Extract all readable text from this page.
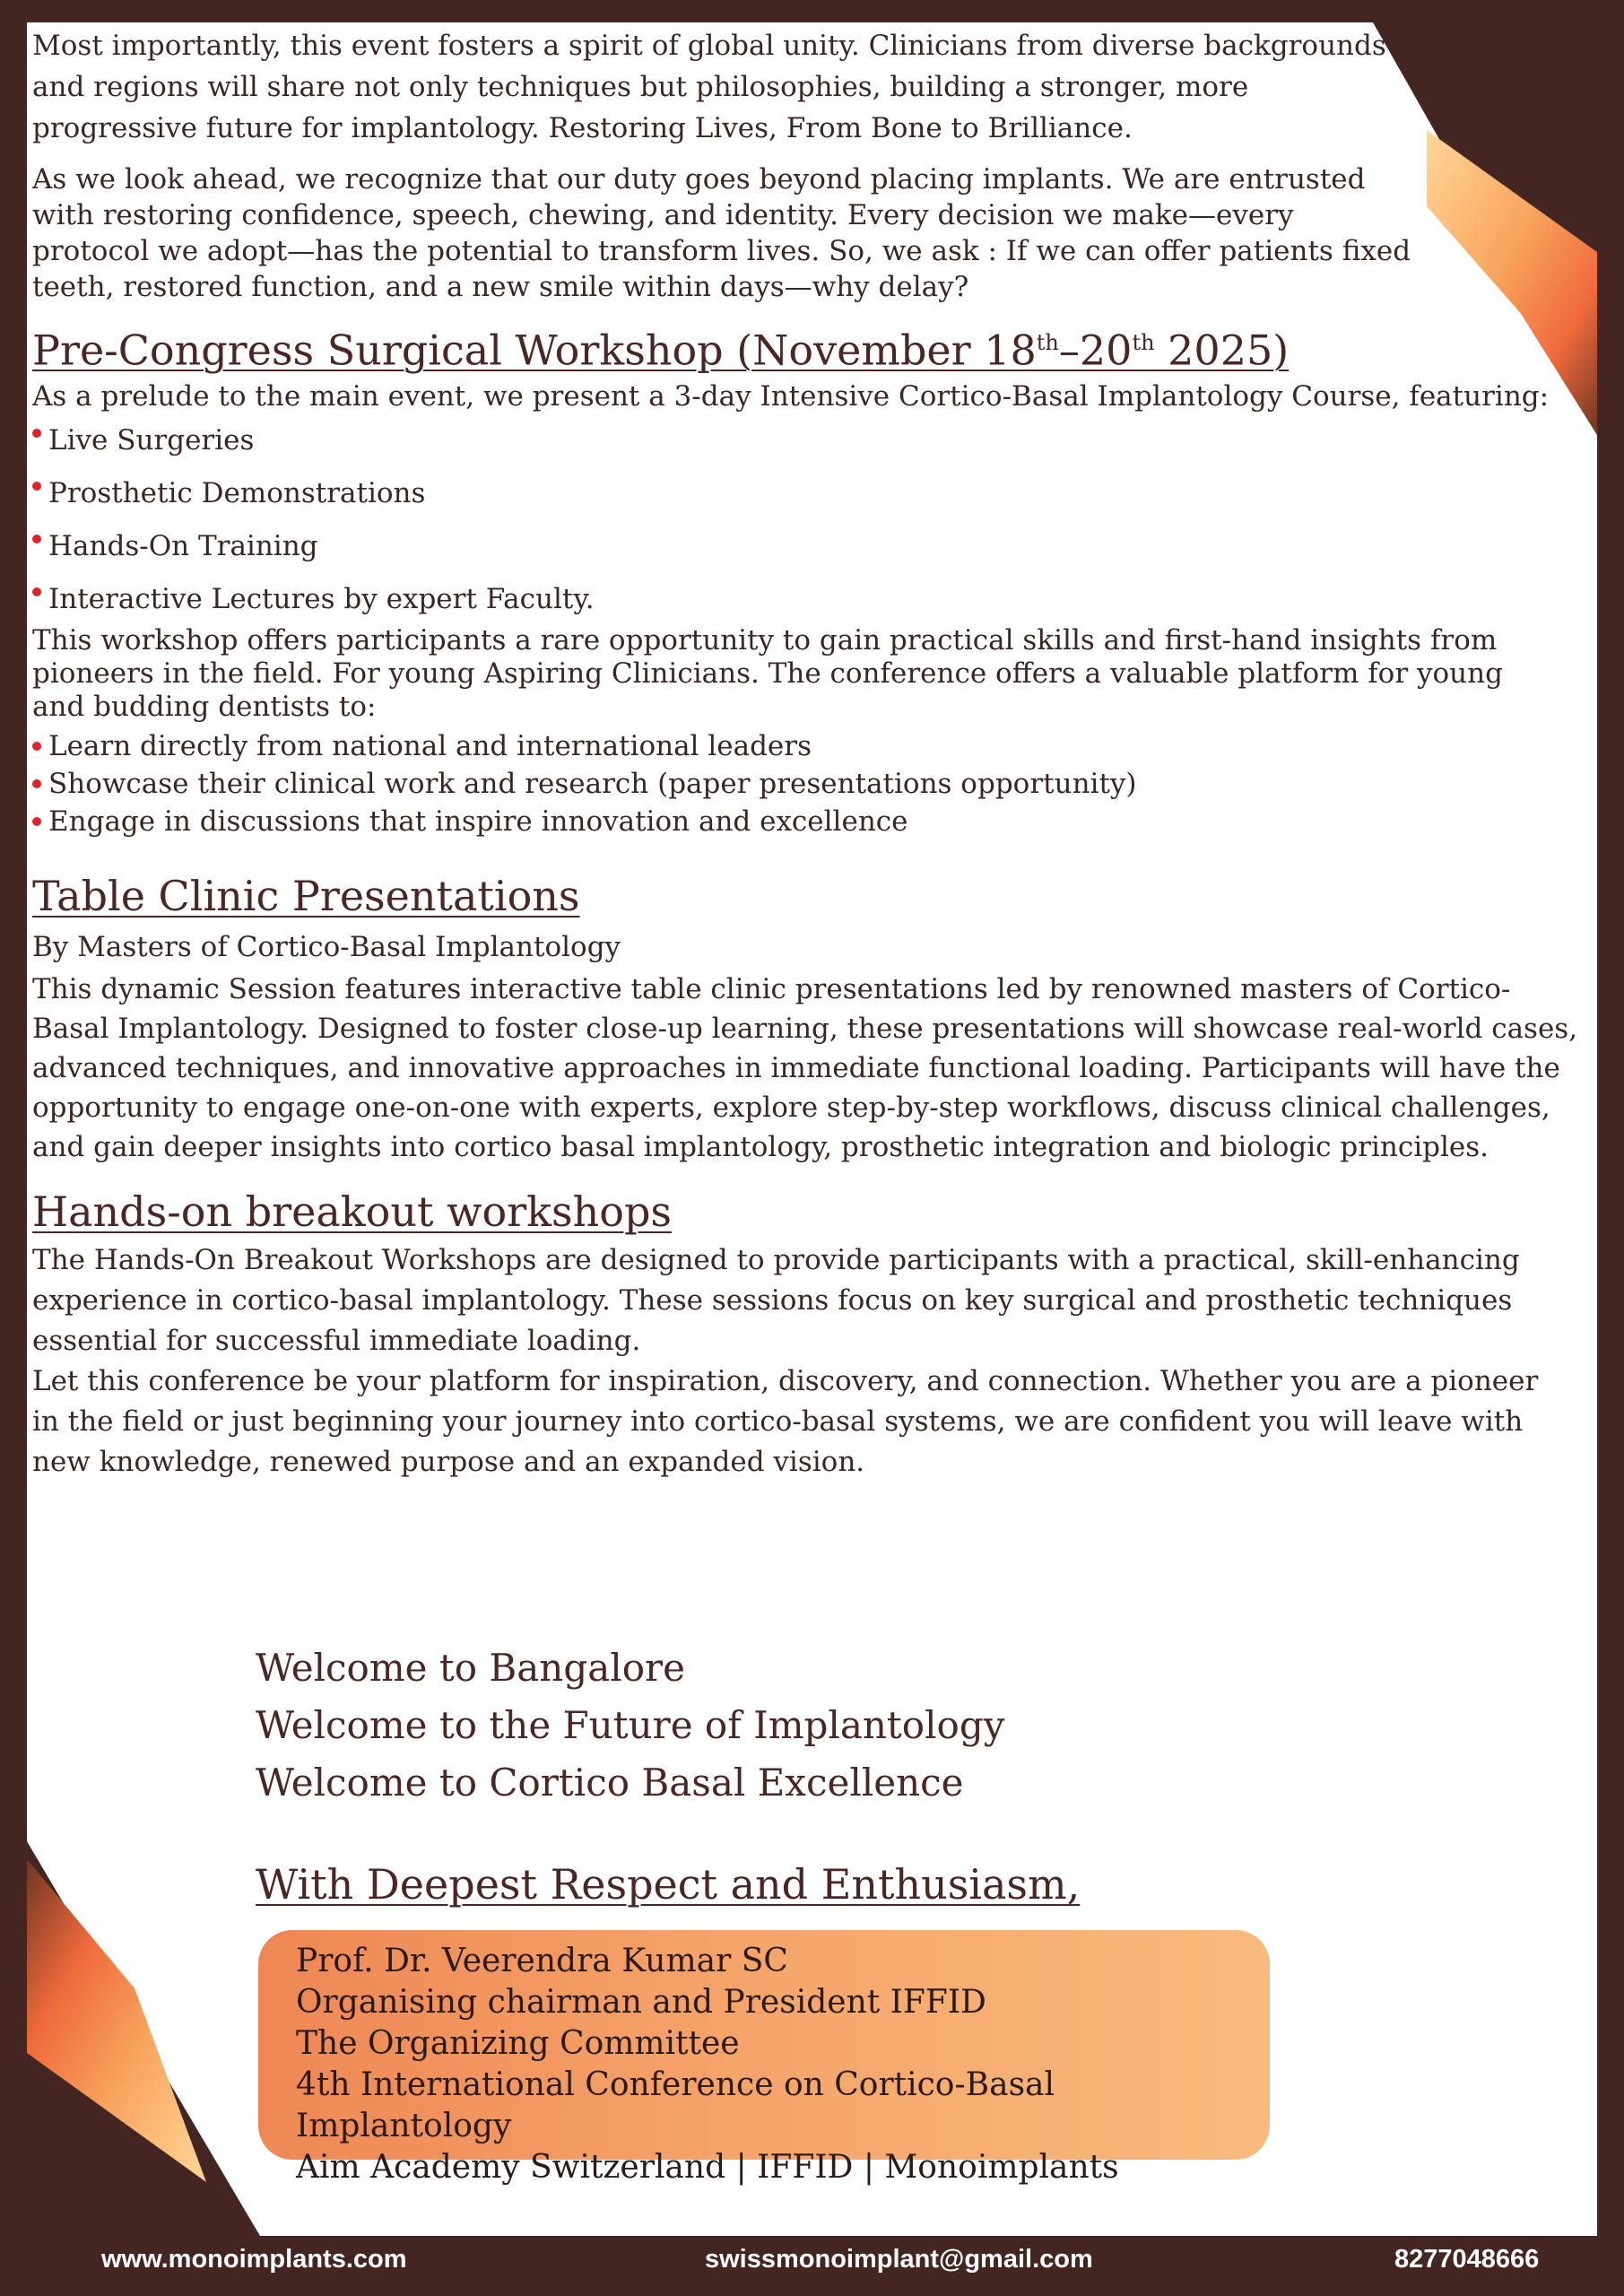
Most importantly, this event fosters a spirit of global unity. Clinicians from diverse backgrounds and regions will share not only techniques but philosophies, building a stronger, more progressive future for implantology. Restoring Lives, From Bone to Brilliance.

As we look ahead, we recognize that our duty goes beyond placing implants. We are entrusted with restoring confidence, speech, chewing, and identity. Every decision we make—every protocol we adopt—has the potential to transform lives. So, we ask : If we can offer patients fixed teeth, restored function, and a new smile within days—why delay?

Pre-Congress Surgical Workshop (November 18th–20th 2025)

As a prelude to the main event, we present a 3-day Intensive Cortico-Basal Implantology Course, featuring:

Live Surgeries
Prosthetic Demonstrations
Hands-On Training
Interactive Lectures by expert Faculty.

This workshop offers participants a rare opportunity to gain practical skills and first-hand insights from pioneers in the field. For young Aspiring Clinicians. The conference offers a valuable platform for young and budding dentists to:

Learn directly from national and international leaders
Showcase their clinical work and research (paper presentations opportunity)
Engage in discussions that inspire innovation and excellence
Table Clinic Presentations

By Masters of Cortico-Basal Implantology

This dynamic Session features interactive table clinic presentations led by renowned masters of Cortico-Basal Implantology. Designed to foster close-up learning, these presentations will showcase real-world cases, advanced techniques, and innovative approaches in immediate functional loading. Participants will have the opportunity to engage one-on-one with experts, explore step-by-step workflows, discuss clinical challenges, and gain deeper insights into cortico basal implantology, prosthetic integration and biologic principles.

Hands-on breakout workshops

The Hands-On Breakout Workshops are designed to provide participants with a practical, skill-enhancing experience in cortico-basal implantology. These sessions focus on key surgical and prosthetic techniques essential for successful immediate loading.

Let this conference be your platform for inspiration, discovery, and connection. Whether you are a pioneer in the field or just beginning your journey into cortico-basal systems, we are confident you will leave with new knowledge, renewed purpose and an expanded vision.

Welcome to Bangalore
Welcome to the Future of Implantology
Welcome to Cortico Basal Excellence
With Deepest Respect and Enthusiasm,
Prof. Dr. Veerendra Kumar SC
Organising chairman and President IFFID
The Organizing Committee
4th International Conference on Cortico-Basal Implantology
Aim Academy Switzerland | IFFID | Monoimplants
www.monoimplants.com	swissmonoimplant@gmail.com	8277048666
